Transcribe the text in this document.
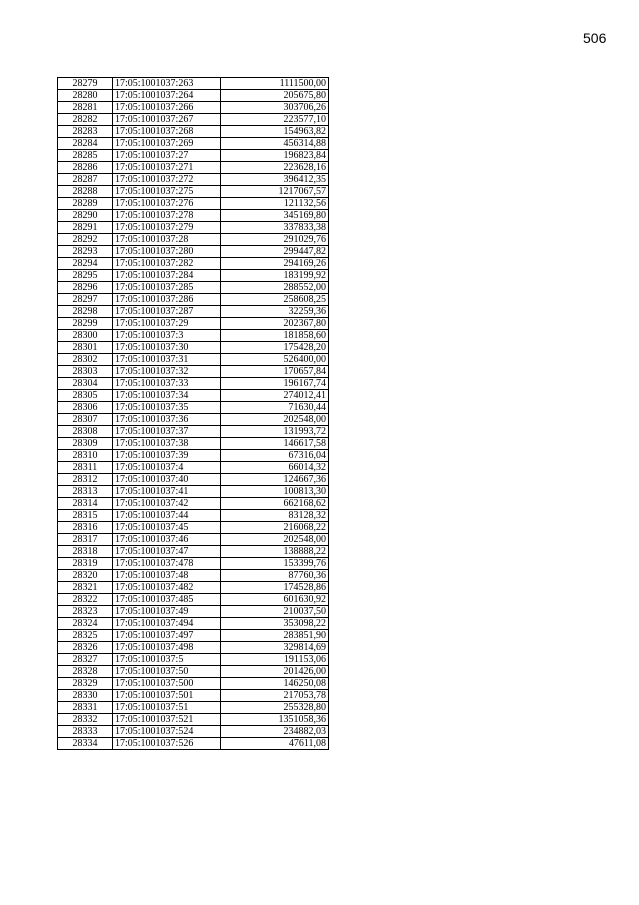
506
28279	17:05:1001037:263	1111500,00
28280	17:05:1001037:264	205675,80
28281	17:05:1001037:266	303706,26
28282	17:05:1001037:267	223577,10
28283	17:05:1001037:268	154963,82
28284	17:05:1001037:269	456314,88
28285	17:05:1001037:27	196823,84
28286	17:05:1001037:271	223628,16
28287	17:05:1001037:272	396412,35
28288	17:05:1001037:275	1217067,57
28289	17:05:1001037:276	121132,56
28290	17:05:1001037:278	345169,80
28291	17:05:1001037:279	337833,38
28292	17:05:1001037:28	291029,76
28293	17:05:1001037:280	299447,82
28294	17:05:1001037:282	294169,26
28295	17:05:1001037:284	183199,92
28296	17:05:1001037:285	288552,00
28297	17:05:1001037:286	258608,25
28298	17:05:1001037:287	32259,36
28299	17:05:1001037:29	202367,80
28300	17:05:1001037:3	181858,60
28301	17:05:1001037:30	175428,20
28302	17:05:1001037:31	526400,00
28303	17:05:1001037:32	170657,84
28304	17:05:1001037:33	196167,74
28305	17:05:1001037:34	274012,41
28306	17:05:1001037:35	71630,44
28307	17:05:1001037:36	202548,00
28308	17:05:1001037:37	131993,72
28309	17:05:1001037:38	146617,58
28310	17:05:1001037:39	67316,04
28311	17:05:1001037:4	66014,32
28312	17:05:1001037:40	124667,36
28313	17:05:1001037:41	100813,30
28314	17:05:1001037:42	662168,62
28315	17:05:1001037:44	83128,32
28316	17:05:1001037:45	216068,22
28317	17:05:1001037:46	202548,00
28318	17:05:1001037:47	138888,22
28319	17:05:1001037:478	153399,76
28320	17:05:1001037:48	87760,36
28321	17:05:1001037:482	174528,86
28322	17:05:1001037:485	601630,92
28323	17:05:1001037:49	210037,50
28324	17:05:1001037:494	353098,22
28325	17:05:1001037:497	283851,90
28326	17:05:1001037:498	329814,69
28327	17:05:1001037:5	191153,06
28328	17:05:1001037:50	201426,00
28329	17:05:1001037:500	146250,08
28330	17:05:1001037:501	217053,78
28331	17:05:1001037:51	255328,80
28332	17:05:1001037:521	1351058,36
28333	17:05:1001037:524	234882,03
28334	17:05:1001037:526	47611,08
